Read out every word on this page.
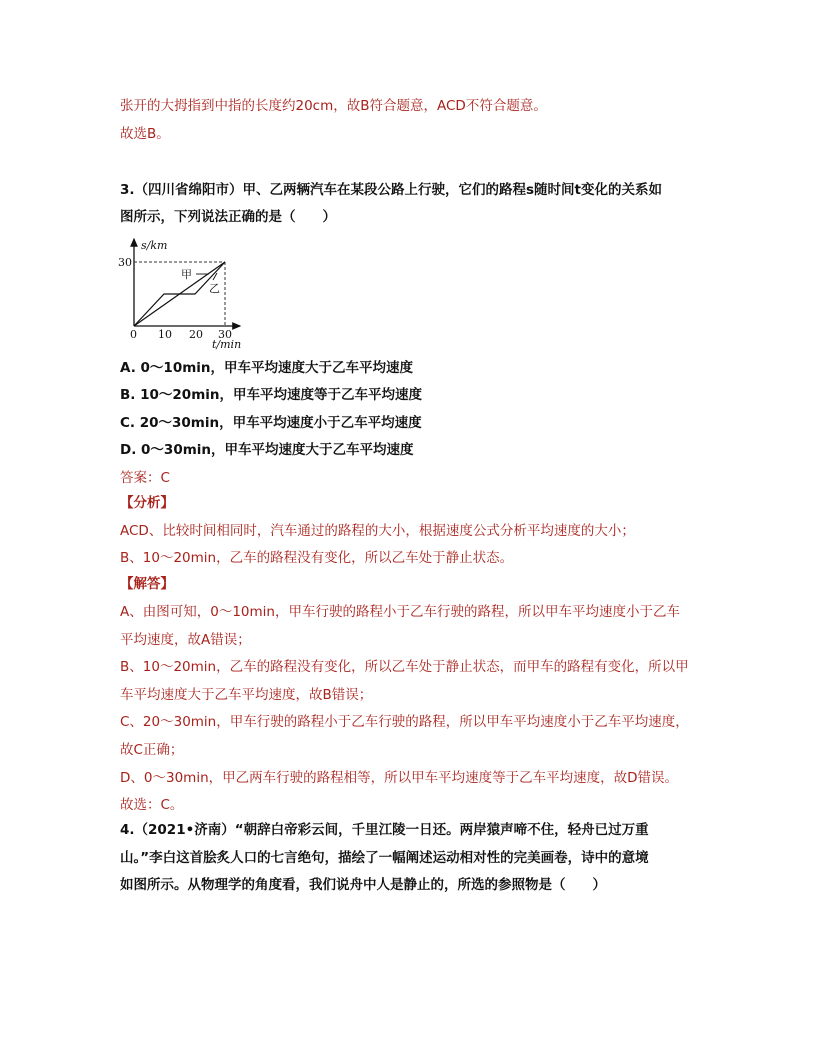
张开的大拇指到中指的长度约20cm，故B符合题意，ACD不符合题意。
故选B。
3.（四川省绵阳市）甲、乙两辆汽车在某段公路上行驶，它们的路程s随时间t变化的关系如
图所示，下列说法正确的是（　　）
s/km
30
甲
乙
0 10 20 30
t/min
A. 0～10min，甲车平均速度大于乙车平均速度
B. 10～20min，甲车平均速度等于乙车平均速度
C. 20～30min，甲车平均速度小于乙车平均速度
D. 0～30min，甲车平均速度大于乙车平均速度
答案：C
【分析】
ACD、比较时间相同时，汽车通过的路程的大小，根据速度公式分析平均速度的大小；
B、10～20min，乙车的路程没有变化，所以乙车处于静止状态。
【解答】
A、由图可知，0～10min，甲车行驶的路程小于乙车行驶的路程，所以甲车平均速度小于乙车
平均速度，故A错误；
B、10～20min，乙车的路程没有变化，所以乙车处于静止状态，而甲车的路程有变化，所以甲
车平均速度大于乙车平均速度，故B错误；
C、20～30min，甲车行驶的路程小于乙车行驶的路程，所以甲车平均速度小于乙车平均速度，
故C正确；
D、0～30min，甲乙两车行驶的路程相等，所以甲车平均速度等于乙车平均速度，故D错误。
故选：C。
4.（2021•济南）“朝辞白帝彩云间，千里江陵一日还。两岸猿声啼不住，轻舟已过万重
山。”李白这首脍炙人口的七言绝句，描绘了一幅阐述运动相对性的完美画卷，诗中的意境
如图所示。从物理学的角度看，我们说舟中人是静止的，所选的参照物是（　　）
